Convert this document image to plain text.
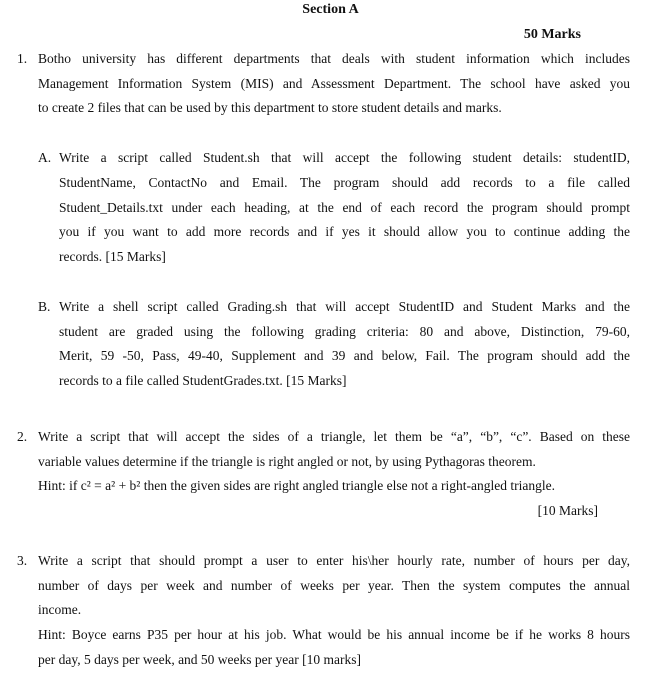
Section A
50 Marks
1. Botho university has different departments that deals with student information which includes
Management Information System (MIS) and Assessment Department. The school have asked you
to create 2 files that can be used by this department to store student details and marks.
A. Write a script called Student.sh that will accept the following student details: studentID,
StudentName, ContactNo and Email. The program should add records to a file called
Student_Details.txt under each heading, at the end of each record the program should prompt
you if you want to add more records and if yes it should allow you to continue adding the
records. [15 Marks]
B. Write a shell script called Grading.sh that will accept StudentID and Student Marks and the
student are graded using the following grading criteria: 80 and above, Distinction, 79-60,
Merit, 59 -50, Pass, 49-40, Supplement and 39 and below, Fail. The program should add the
records to a file called StudentGrades.txt. [15 Marks]
2. Write a script that will accept the sides of a triangle, let them be “a”, “b”, “c”. Based on these
variable values determine if the triangle is right angled or not, by using Pythagoras theorem.
Hint: if c² = a² + b² then the given sides are right angled triangle else not a right-angled triangle.
[10 Marks]
3. Write a script that should prompt a user to enter his\her hourly rate, number of hours per day,
number of days per week and number of weeks per year. Then the system computes the annual
income.
Hint: Boyce earns P35 per hour at his job. What would be his annual income be if he works 8 hours
per day, 5 days per week, and 50 weeks per year [10 marks]
